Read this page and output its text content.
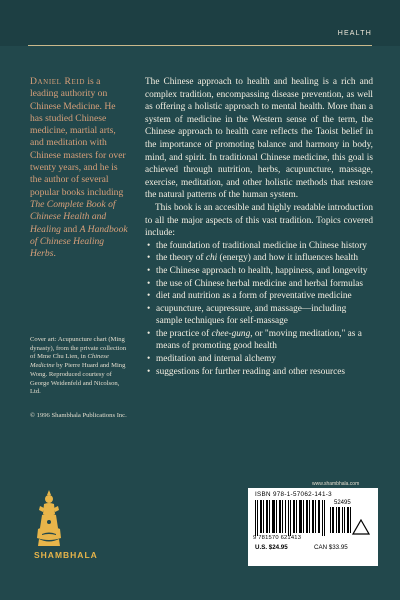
HEALTH
Daniel Reid is a leading authority on Chinese Medicine. He has studied Chinese medicine, martial arts, and meditation with Chinese masters for over twenty years, and he is the author of several popular books including The Complete Book of Chinese Health and Healing and A Handbook of Chinese Healing Herbs.
Cover art: Acupuncture chart (Ming dynasty), from the private collection of Mme Chu Lien, in Chinese Medicine by Pierre Huard and Ming Wong. Reproduced courtesy of George Weidenfeld and Nicolson, Ltd.
© 1996 Shambhala Publications Inc.

The Chinese approach to health and healing is a rich and complex tradition, encompassing disease prevention, as well as offering a holistic approach to mental health. More than a system of medicine in the Western sense of the term, the Chinese approach to health care reflects the Taoist belief in the importance of promoting balance and harmony in body, mind, and spirit. In traditional Chinese medicine, this goal is achieved through nutrition, herbs, acupuncture, massage, exercise, meditation, and other holistic methods that restore the natural patterns of the human system.

This book is an accesible and highly readable introduction to all the major aspects of this vast tradition. Topics covered include:

• the foundation of traditional medicine in Chinese history
• the theory of chi (energy) and how it influences health
• the Chinese approach to health, happiness, and longevity
• the use of Chinese herbal medicine and herbal formulas
• diet and nutrition as a form of preventative medicine
• acupuncture, acupressure, and massage—including sample techniques for self-massage
• the practice of chee-gung, or "moving meditation," as a means of promoting good health
• meditation and internal alchemy
• suggestions for further reading and other resources
SHAMBHALA
www.shambhala.com
ISBN 978-1-57062-141-3
52495
9 781570 621413
U.S. $24.95	CAN $33.95
